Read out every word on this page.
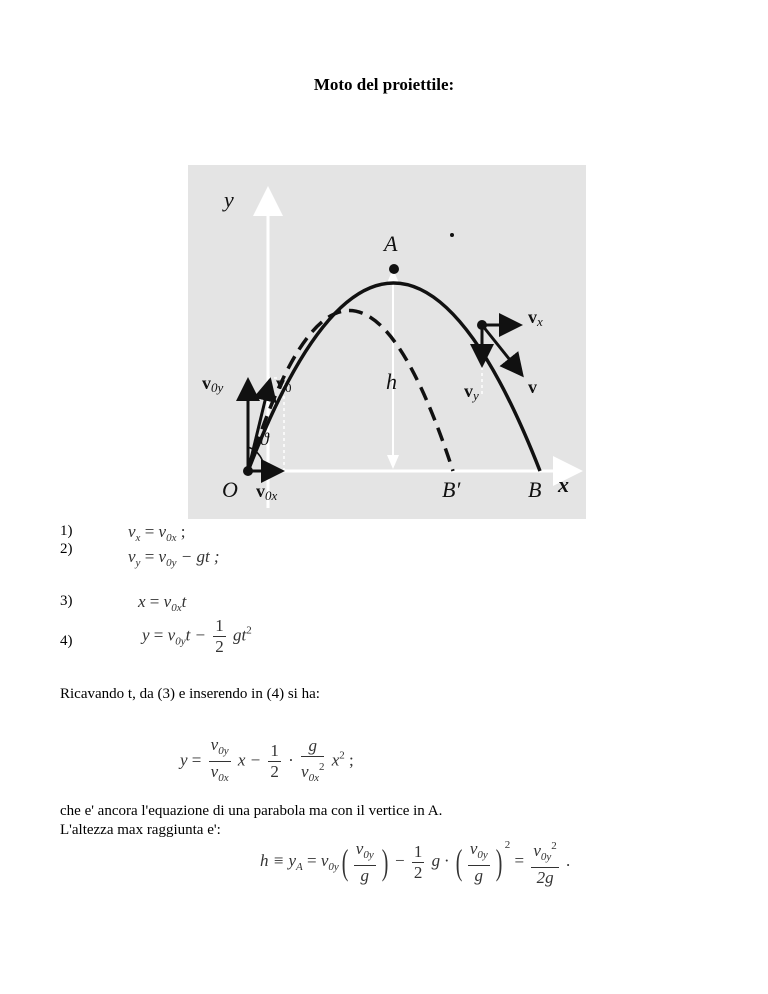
Moto del proiettile:
y
x
A
O	B′	B
h
ϑ
v0y	v0
v0x
vx
vy	v
1)
2)
3)
4)
$v_x = v_{0x}$ ;
$v_y = v_{0y}$ − gt ;
$x = v_{0x}t$
$y = v_{0y}t - \frac{1}{2} gt^2$
Ricavando t, da (3) e inserendo in (4) si ha:
$y = \frac{v_{0y}}{v_{0x}}$ $x - \frac{1}{2} \cdot \frac{g}{v_{0x}^2} x^2$ ;
che e' ancora l'equazione di una parabola ma con il vertice in A.
L'altezza max raggiunta e':
$h \equiv y_A = v_{0y}( \frac{v_{0y}}{g}$ ) − $\frac{1}{2}$ g · ( $\frac{v_{0y}}{g}$ ) $^2 = \frac{v_{0y}^2}{2g}$ .
